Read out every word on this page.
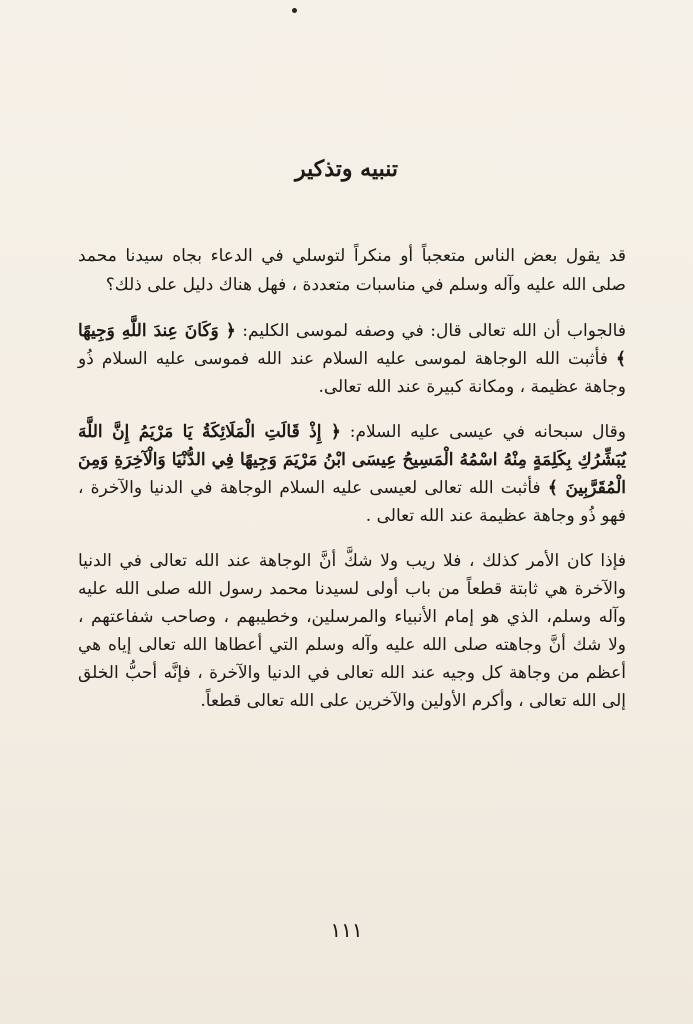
تنبيه وتذكير

قد يقول بعض الناس متعجباً أو منكراً لتوسلي في الدعاء بجاه سيدنا محمد صلى الله عليه وآله وسلم في مناسبات متعددة ، فهل هناك دليل على ذلك؟

فالجواب أن الله تعالى قال: في وصفه لموسى الكليم: ﴿ وَكَانَ عِندَ اللَّهِ وَجِيهًا ﴾ فأثبت الله الوجاهة لموسى عليه السلام عند الله فموسى عليه السلام ذُو وجاهة عظيمة ، ومكانة كبيرة عند الله تعالى.

وقال سبحانه في عيسى عليه السلام: ﴿ إِذْ قَالَتِ الْمَلَائِكَةُ يَا مَرْيَمُ إِنَّ اللَّهَ يُبَشِّرُكِ بِكَلِمَةٍ مِنْهُ اسْمُهُ الْمَسِيحُ عِيسَى ابْنُ مَرْيَمَ وَجِيهًا فِي الدُّنْيَا وَالْآخِرَةِ وَمِنَ الْمُقَرَّبِينَ ﴾ فأثبت الله تعالى لعيسى عليه السلام الوجاهة في الدنيا والآخرة ، فهو ذُو وجاهة عظيمة عند الله تعالى .

فإذا كان الأمر كذلك ، فلا ريب ولا شكَّ أنَّ الوجاهة عند الله تعالى في الدنيا والآخرة هي ثابتة قطعاً من باب أولى لسيدنا محمد رسول الله صلى الله عليه وآله وسلم، الذي هو إمام الأنبياء والمرسلين، وخطيبهم ، وصاحب شفاعتهم ، ولا شك أنَّ وجاهته صلى الله عليه وآله وسلم التي أعطاها الله تعالى إياه هي أعظم من وجاهة كل وجيه عند الله تعالى في الدنيا والآخرة ، فإنَّه أحبُّ الخلق إلى الله تعالى ، وأكرم الأولين والآخرين على الله تعالى قطعاً.

١١١
